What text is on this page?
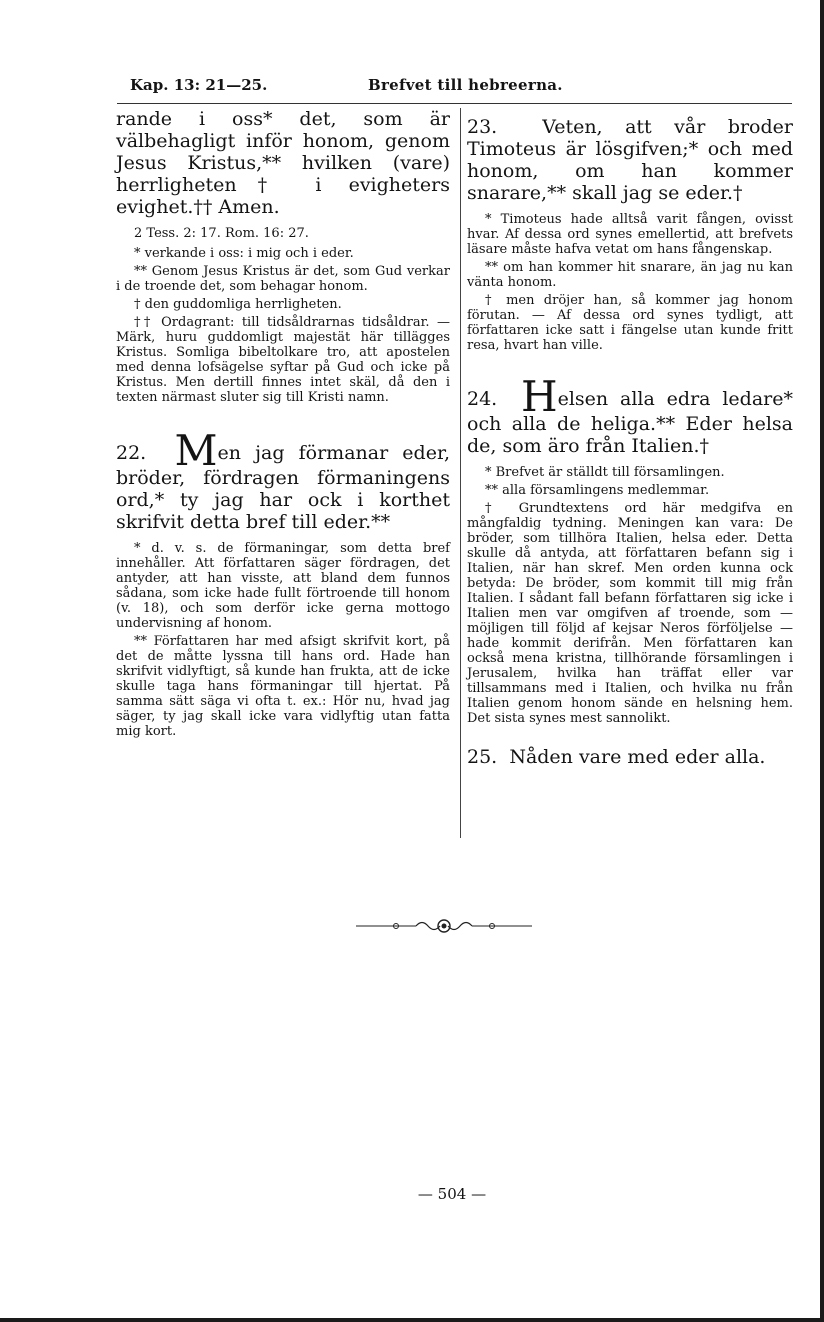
Kap. 13: 21—25.	Brefvet till hebreerna.

rande i oss* det, som är välbehagligt inför honom, genom Jesus Kristus,** hvilken (vare) herrligheten† i evigheters evighet.†† Amen.

2 Tess. 2: 17. Rom. 16: 27.

* verkande i oss: i mig och i eder.

** Genom Jesus Kristus är det, som Gud verkar i de troende det, som behagar honom.

† den guddomliga herrligheten.

†† Ordagrant: till tidsåldrarnas tidsåldrar. — Märk, huru guddomligt majestät här tillägges Kristus. Somliga bibeltolkare tro, att apostelen med denna lofsägelse syftar på Gud och icke på Kristus. Men dertill finnes intet skäl, då den i texten närmast sluter sig till Kristi namn.

22. Men jag förmanar eder, bröder, fördragen förmaningens ord,* ty jag har ock i korthet skrifvit detta bref till eder.**

* d. v. s. de förmaningar, som detta bref innehåller. Att författaren säger fördragen, det antyder, att han visste, att bland dem funnos sådana, som icke hade fullt förtroende till honom (v. 18), och som derför icke gerna mottogo undervisning af honom.

** Författaren har med afsigt skrifvit kort, på det de måtte lyssna till hans ord. Hade han skrifvit vidlyftigt, så kunde han frukta, att de icke skulle taga hans förmaningar till hjertat. På samma sätt säga vi ofta t. ex.: Hör nu, hvad jag säger, ty jag skall icke vara vidlyftig utan fatta mig kort.

23. Veten, att vår broder Timoteus är lösgifven;* och med honom, om han kommer snarare,** skall jag se eder.†

* Timoteus hade alltså varit fången, ovisst hvar. Af dessa ord synes emellertid, att brefvets läsare måste hafva vetat om hans fångenskap.

** om han kommer hit snarare, än jag nu kan vänta honom.

† men dröjer han, så kommer jag honom förutan. — Af dessa ord synes tydligt, att författaren icke satt i fängelse utan kunde fritt resa, hvart han ville.

24. Helsen alla edra ledare* och alla de heliga.** Eder helsa de, som äro från Italien.†

* Brefvet är ställdt till församlingen.

** alla församlingens medlemmar.

† Grundtextens ord här medgifva en mångfaldig tydning. Meningen kan vara: De bröder, som tillhöra Italien, helsa eder. Detta skulle då antyda, att författaren befann sig i Italien, när han skref. Men orden kunna ock betyda: De bröder, som kommit till mig från Italien. I sådant fall befann författaren sig icke i Italien men var omgifven af troende, som — möjligen till följd af kejsar Neros förföljelse — hade kommit derifrån. Men författaren kan också mena kristna, tillhörande församlingen i Jerusalem, hvilka han träffat eller var tillsammans med i Italien, och hvilka nu från Italien genom honom sände en helsning hem. Det sista synes mest sannolikt.

25. Nåden vare med eder alla.

— 504 —
